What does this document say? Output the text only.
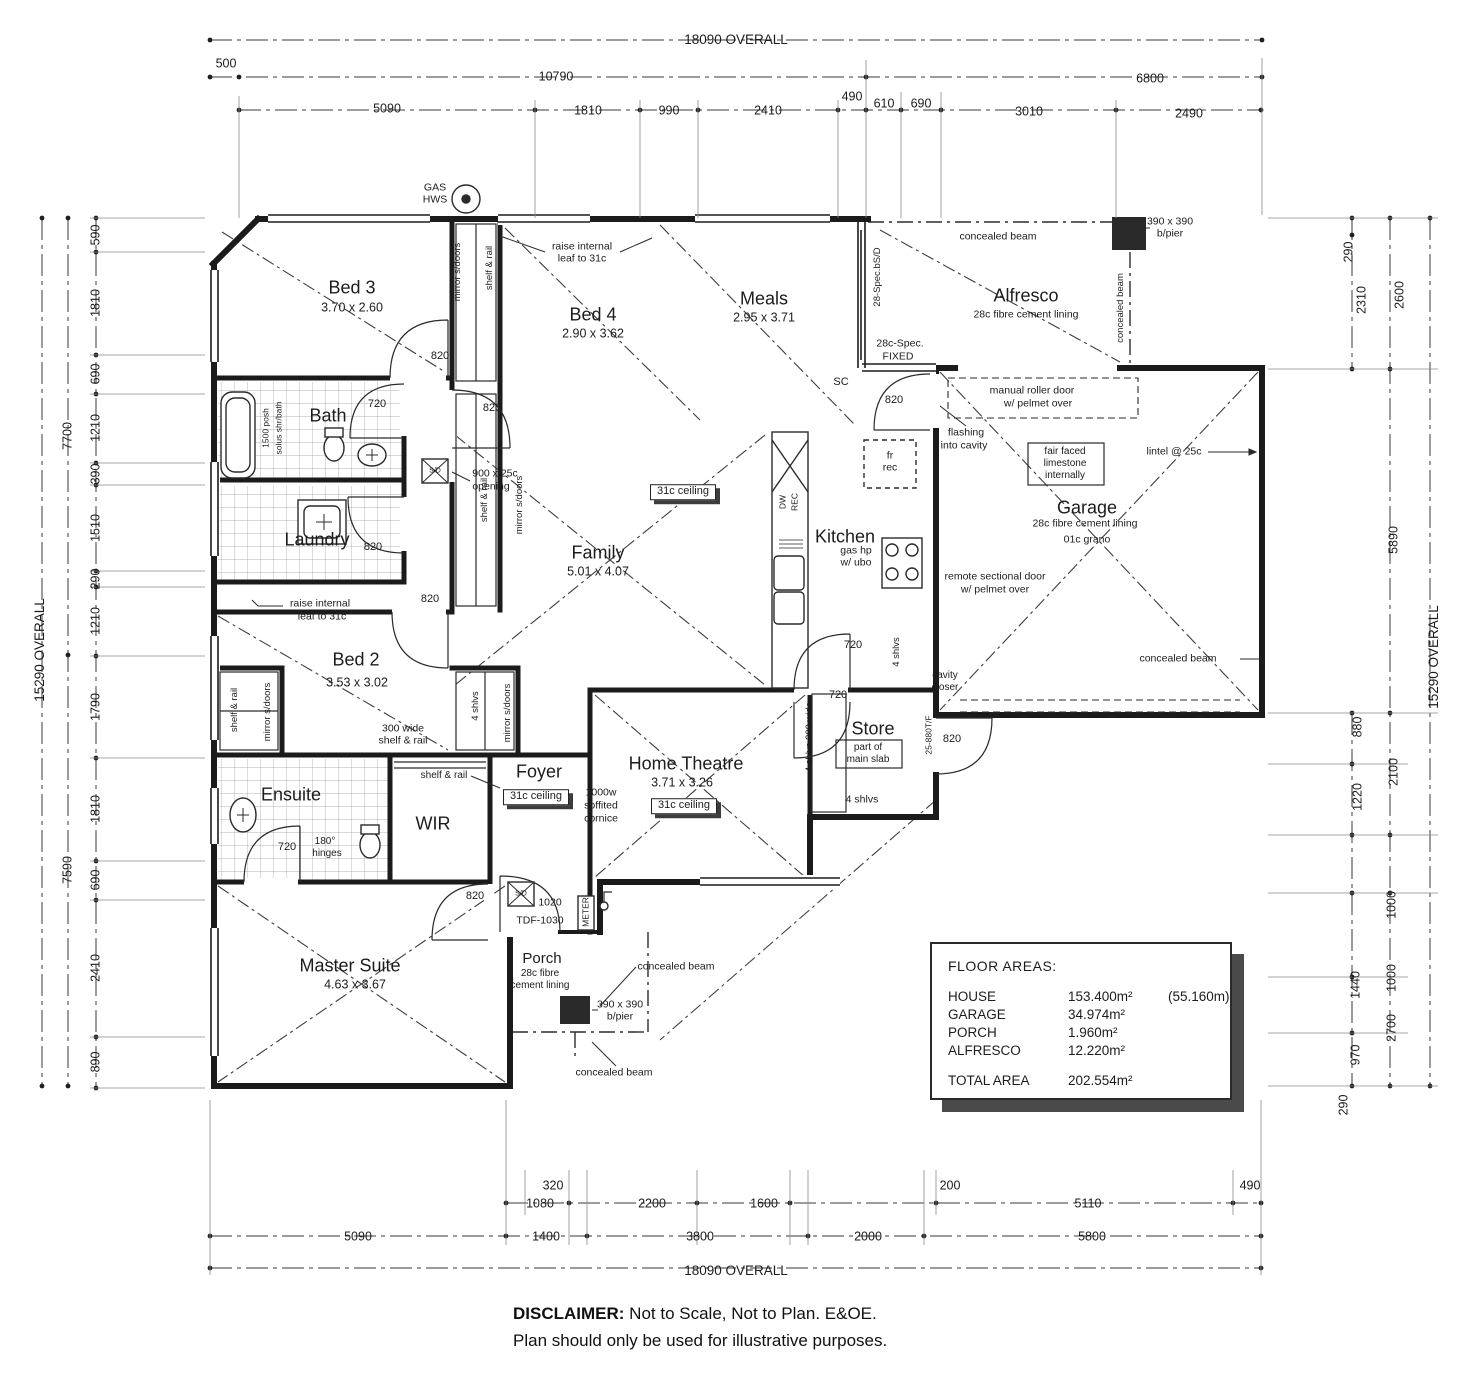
18090 OVERALL
500
10790	6800
5090	1810	990	2410
490 610 690
3010	2490
15290 OVERALL
7700
7590
590
1810
690
1210
390
1510
290
1210
1790
1810
690
2410
890
290
2310 2600
5890
15290 OVERALL
880
2100
1220
1000
1440 1000
2700
970
290
320
1080	2200	1600
200
5110
490
5090	1400	3800	2000	5800
18090 OVERALL
Bed 3
3.70 x 2.60	Bed 4
2.90 x 3.62
Meals
2.95 x 3.71
Alfresco
28c fibre cement lining
Family
5.01 x 4.07
Kitchen
gas hp
w/ ubo
Garage
28c fibre cement lining
01c grano
Bed 2
3.53 x 3.02
Bath
Laundry
Ensuite
WIR
Foyer	Home Theatre
3.71 x 3.26
Store
Master Suite
4.63 x 3.67
Porch
28c fibre
cement lining
GAS
HWS
raise internal
leaf to 31c
mirror s/doors shelf & rail
shelf & rail	mirror s/doors
820
820
720
1500 posh solus shr/bath
900 x 25c
opening	31c ceiling
820
raise internal
leaf to 31c
820
shelf & rail mirror s/doors	4 shlvs mirror s/doors
300 wide
shelf & rail
SC
820
28-Spec.bS/D
28c-Spec.
FIXED
concealed beam
concealed beam
390 x 390
b/pier
manual roller door
w/ pelmet over
flashing
into cavity
fr
rec
DW REC
fair faced
limestone
internally
lintel @ 25c
remote sectional door
w/ pelmet over
concealed beam
cavity
closer
720
720
4 shlvs
4 shlvs 300 wide	25-880T/F 820
part of
main slab
4 shlvs
shelf & rail
31c ceiling	1000w
soffited
cornice
31c ceiling
180°
hinges
720
820
S/D
S/D
1020
TDF-1030 METER
390 x 390
b/pier
concealed beam
concealed beam
FLOOR AREAS:
HOUSE	153.400m²	(55.160m)
GARAGE	34.974m²
PORCH	1.960m²
ALFRESCO	12.220m²
TOTAL AREA	202.554m²
DISCLAIMER: Not to Scale, Not to Plan. E&OE.
Plan should only be used for illustrative purposes.
